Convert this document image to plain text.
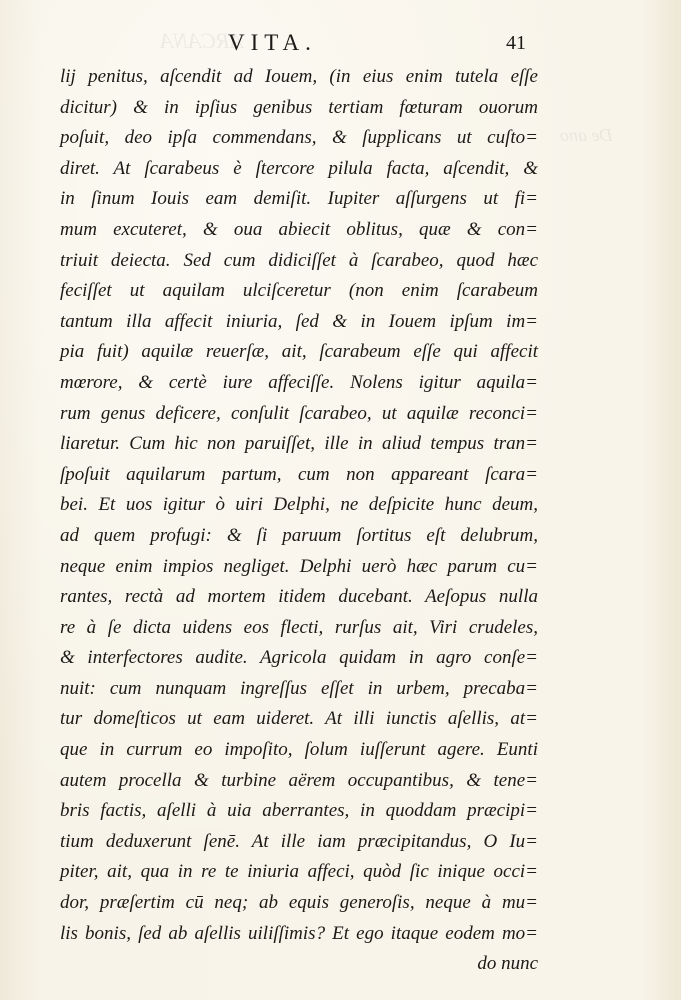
ARCANA
De ano
VITA.	41
lij penitus, aſcendit ad Iouem, (in eius enim tutela eſſe
dicitur) & in ipſius genibus tertiam fœturam ouorum
poſuit, deo ipſa commendans, & ſupplicans ut cuſto=
diret. At ſcarabeus è ſtercore pilula facta, aſcendit, &
in ſinum Iouis eam demiſit. Iupiter aſſurgens ut fi=
mum excuteret, & oua abiecit oblitus, quæ & con=
triuit deiecta. Sed cum didiciſſet à ſcarabeo, quod hæc
feciſſet ut aquilam ulciſceretur (non enim ſcarabeum
tantum illa affecit iniuria, ſed & in Iouem ipſum im=
pia fuit) aquilæ reuerſæ, ait, ſcarabeum eſſe qui affecit
mœrore, & certè iure affeciſſe. Nolens igitur aquila=
rum genus deficere, conſulit ſcarabeo, ut aquilæ reconci=
liaretur. Cum hic non paruiſſet, ille in aliud tempus tran=
ſpoſuit aquilarum partum, cum non appareant ſcara=
bei. Et uos igitur ò uiri Delphi, ne deſpicite hunc deum,
ad quem profugi: & ſi paruum ſortitus eſt delubrum,
neque enim impios negliget. Delphi uerò hæc parum cu=
rantes, rectà ad mortem itidem ducebant. Aeſopus nulla
re à ſe dicta uidens eos flecti, rurſus ait, Viri crudeles,
& interfectores audite. Agricola quidam in agro conſe=
nuit: cum nunquam ingreſſus eſſet in urbem, precaba=
tur domeſticos ut eam uideret. At illi iunctis aſellis, at=
que in currum eo impoſito, ſolum iuſſerunt agere. Eunti
autem procella & turbine aërem occupantibus, & tene=
bris factis, aſelli à uia aberrantes, in quoddam præcipi=
tium deduxerunt ſenē. At ille iam præcipitandus, O Iu=
piter, ait, qua in re te iniuria affeci, quòd ſic inique occi=
dor, præſertim cū neq; ab equis generoſis, neque à mu=
lis bonis, ſed ab aſellis uiliſſimis? Et ego itaque eodem mo=
do nunc
